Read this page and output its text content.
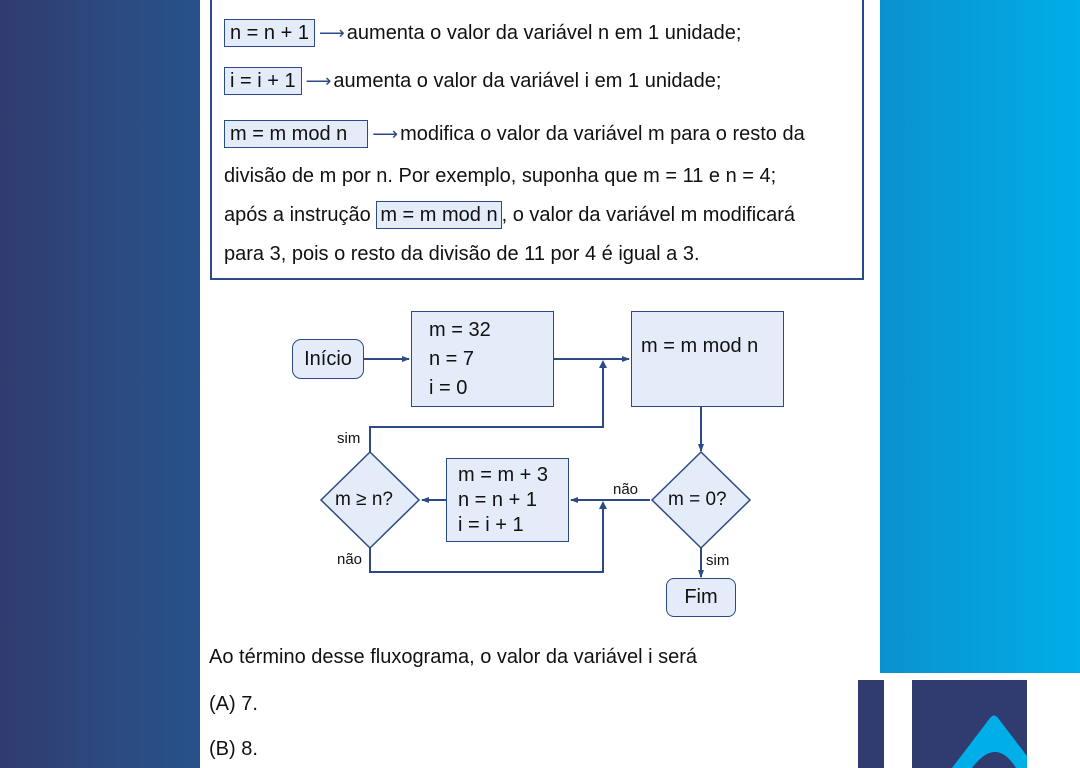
n = n + 1 ⟶ aumenta o valor da variável n em 1 unidade;
i = i + 1 ⟶ aumenta o valor da variável i em 1 unidade;
m = m mod n ⟶ modifica o valor da variável m para o resto da
divisão de m por n. Por exemplo, suponha que m = 11 e n = 4;
após a instrução m = m mod n , o valor da variável m modificará
para 3, pois o resto da divisão de 11 por 4 é igual a 3.
Início
m = 32
n = 7
i = 0
m = m mod n
m ≥ n?	m = 0?
m = m + 3
n = n + 1
i = i + 1
Fim
sim
não
não
sim
Ao término desse fluxograma, o valor da variável i será
(A) 7.
(B) 8.
